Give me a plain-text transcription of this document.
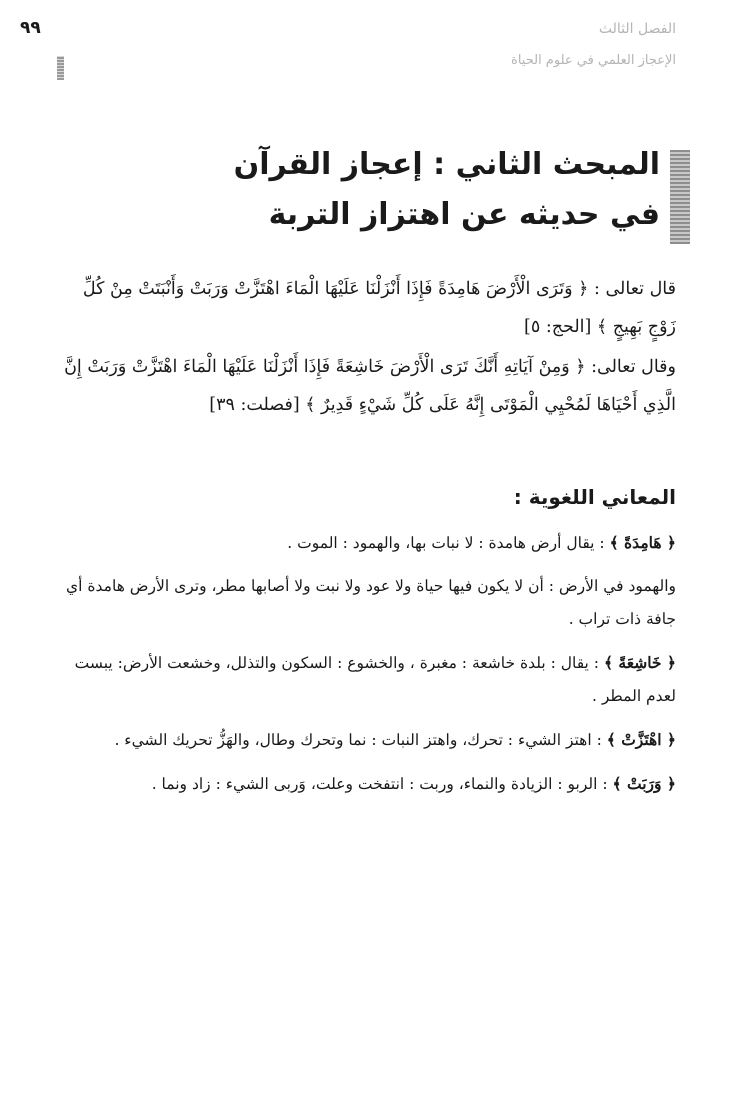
٩٩	الفصل الثالث
الإعجاز العلمي في علوم الحياة
المبحث الثاني : إعجاز القرآن
في حديثه عن اهتزاز التربة
قال تعالى : ﴿ وَتَرَى الْأَرْضَ هَامِدَةً فَإِذَا أَنْزَلْنَا عَلَيْهَا الْمَاءَ اهْتَزَّتْ وَرَبَتْ وَأَنْبَتَتْ مِنْ كُلِّ
زَوْجٍ بَهِيجٍ ﴾ [الحج: ٥]
وقال تعالى: ﴿ وَمِنْ آيَاتِهِ أَنَّكَ تَرَى الْأَرْضَ خَاشِعَةً فَإِذَا أَنْزَلْنَا عَلَيْهَا الْمَاءَ اهْتَزَّتْ وَرَبَتْ إِنَّ
الَّذِي أَحْيَاهَا لَمُحْيِي الْمَوْتَى إِنَّهُ عَلَى كُلِّ شَيْءٍ قَدِيرٌ ﴾ [فصلت: ٣٩]
المعاني اللغوية :
﴿ هَامِدَةً ﴾ : يقال أرض هامدة : لا نبات بها، والهمود : الموت .
والهمود في الأرض : أن لا يكون فيها حياة ولا عود ولا نبت ولا أصابها مطر، وترى الأرض هامدة أي جافة ذات تراب .
﴿ خَاشِعَةً ﴾ : يقال : بلدة خاشعة : مغبرة ، والخشوع : السكون والتذلل، وخشعت الأرض: يبست لعدم المطر .
﴿ اهْتَزَّتْ ﴾ : اهتز الشيء : تحرك، واهتز النبات : نما وتحرك وطال، والهَزُّ تحريك الشيء .
﴿ وَرَبَتْ ﴾ : الربو : الزيادة والنماء، وربت : انتفخت وعلت، وَربى الشيء : زاد ونما .
